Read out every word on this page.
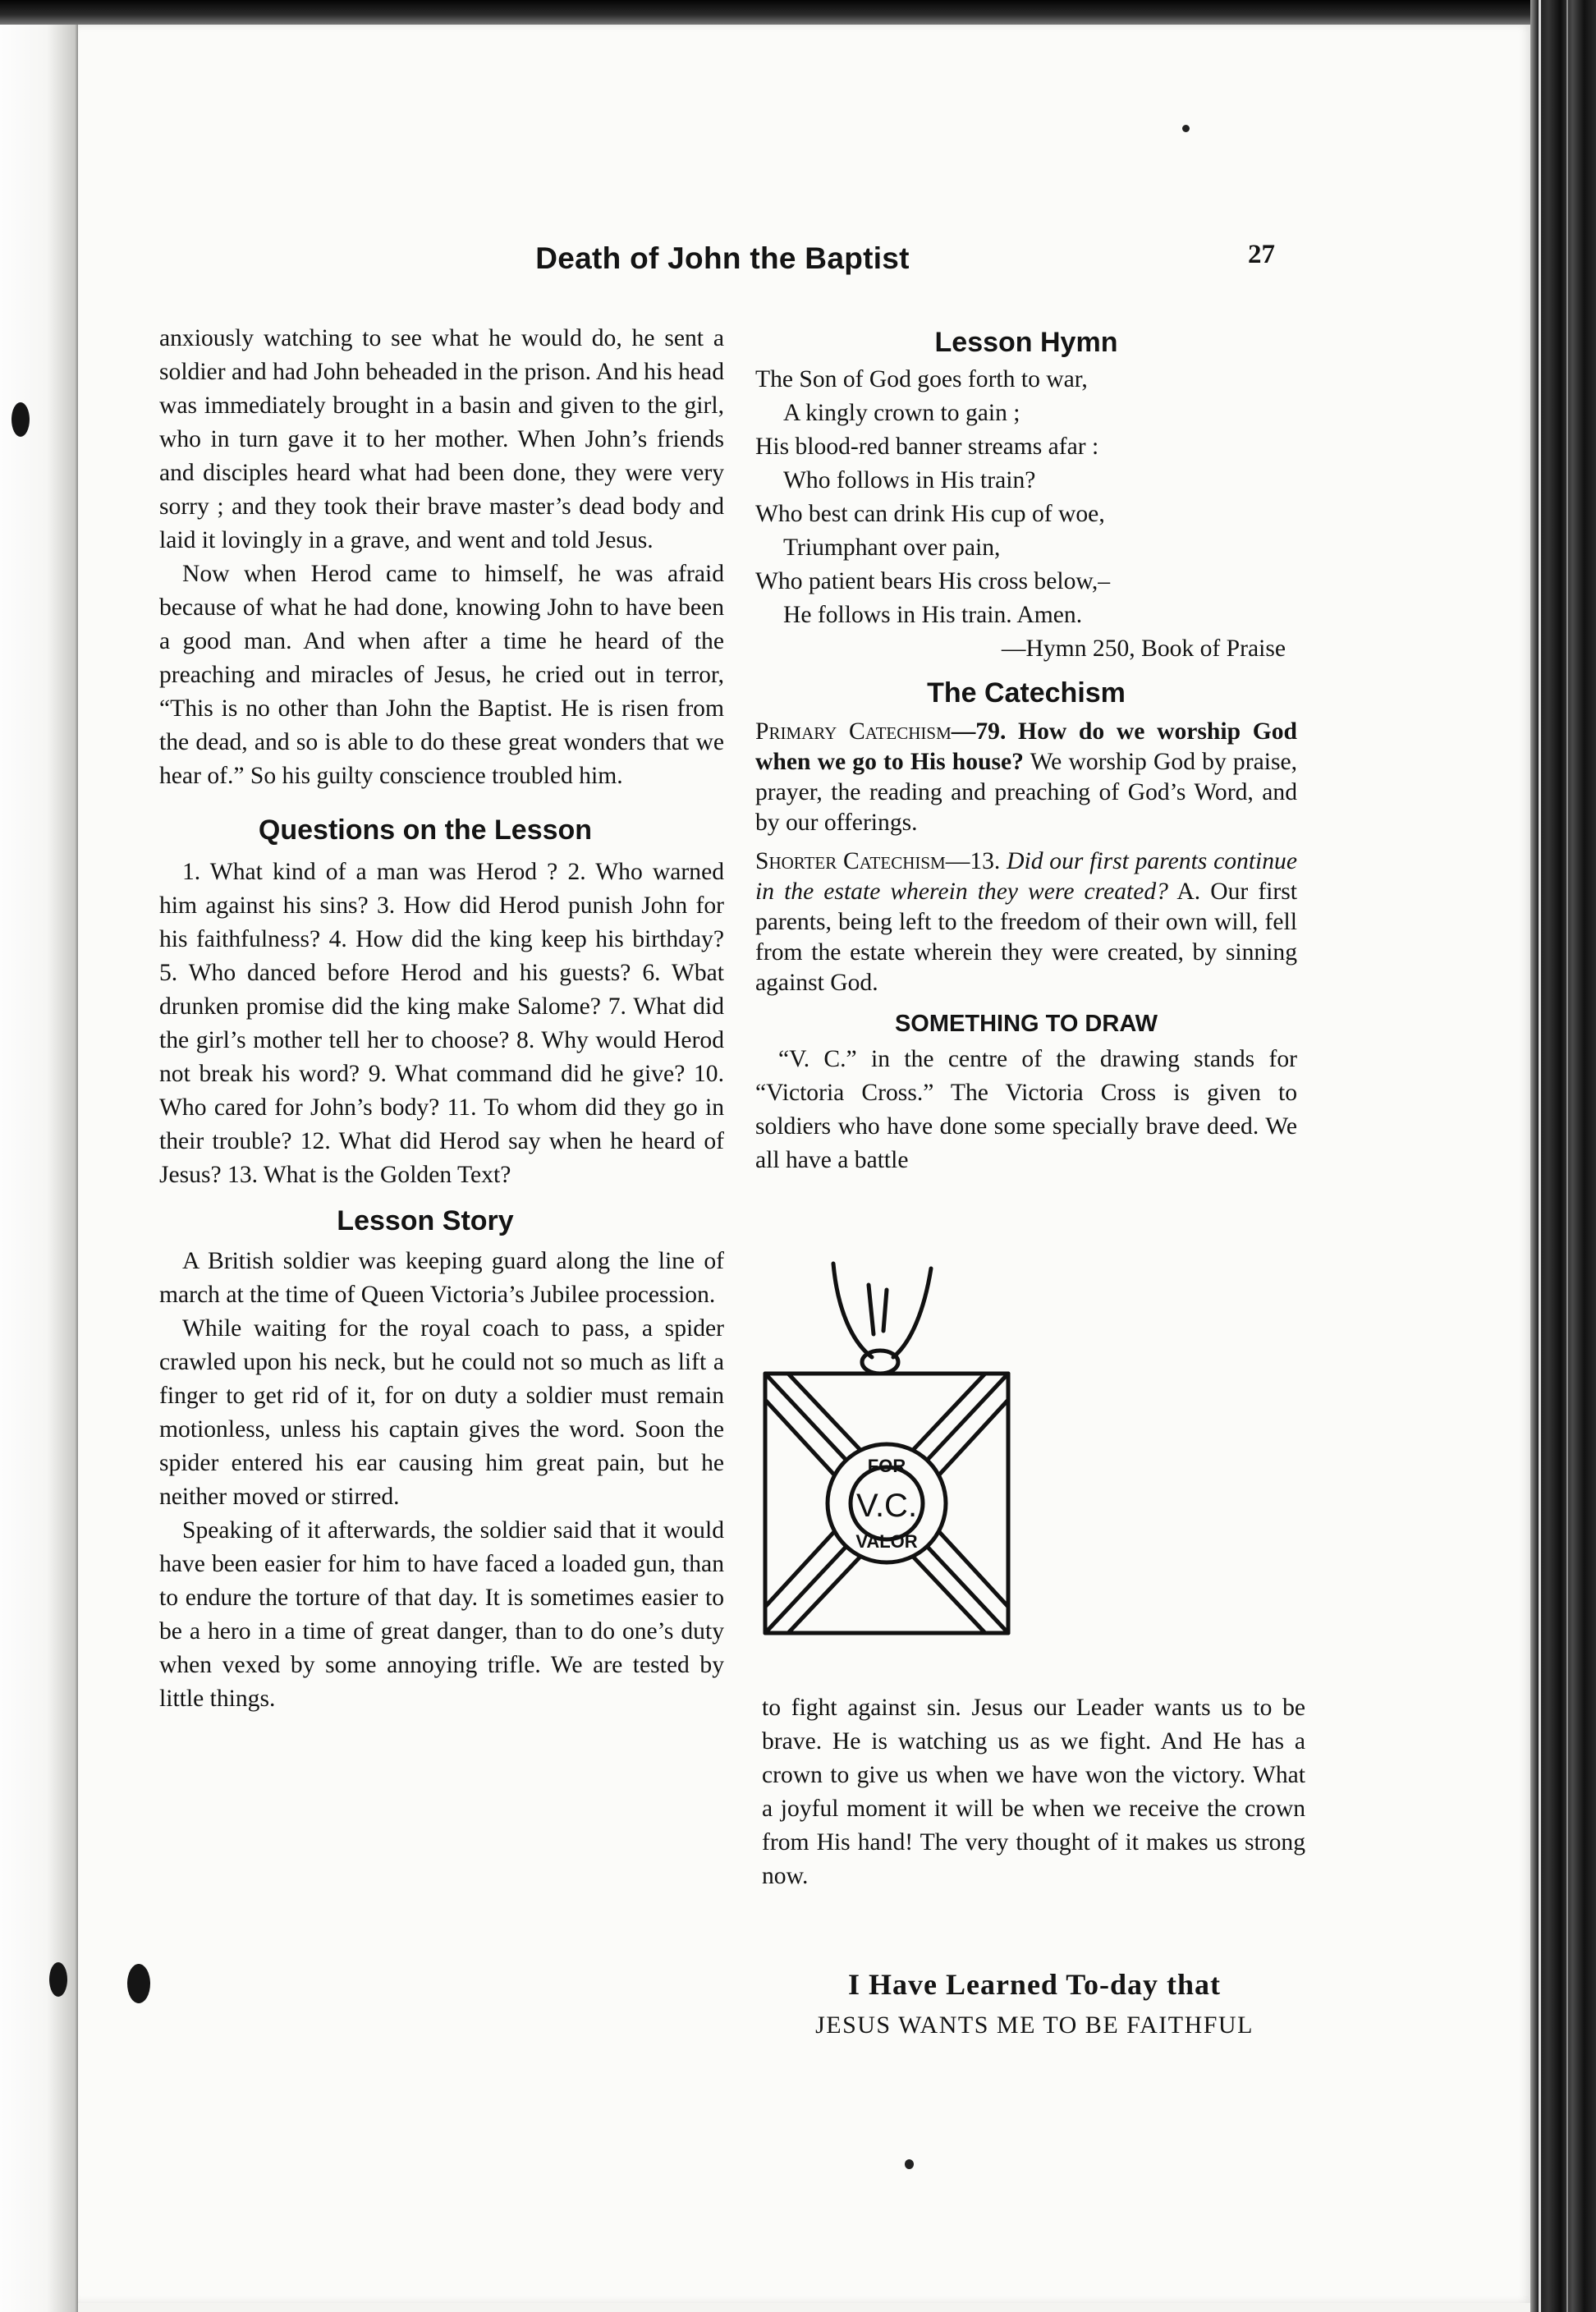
Death of John the Baptist	27

anxiously watching to see what he would do, he sent a soldier and had John beheaded in the prison. And his head was immediately brought in a basin and given to the girl, who in turn gave it to her mother. When John’s friends and disciples heard what had been done, they were very sorry ; and they took their brave master’s dead body and laid it lovingly in a grave, and went and told Jesus.

Now when Herod came to himself, he was afraid because of what he had done, knowing John to have been a good man. And when after a time he heard of the preaching and miracles of Jesus, he cried out in terror, “This is no other than John the Baptist. He is risen from the dead, and so is able to do these great wonders that we hear of.” So his guilty conscience troubled him.

Questions on the Lesson

1. What kind of a man was Herod ? 2. Who warned him against his sins? 3. How did Herod punish John for his faithfulness? 4. How did the king keep his birthday? 5. Who danced before Herod and his guests? 6. Wbat drunken promise did the king make Salome? 7. What did the girl’s mother tell her to choose? 8. Why would Herod not break his word? 9. What command did he give? 10. Who cared for John’s body? 11. To whom did they go in their trouble? 12. What did Herod say when he heard of Jesus? 13. What is the Golden Text?

Lesson Story

A British soldier was keeping guard along the line of march at the time of Queen Victoria’s Jubilee procession.

While waiting for the royal coach to pass, a spider crawled upon his neck, but he could not so much as lift a finger to get rid of it, for on duty a soldier must remain motionless, unless his captain gives the word. Soon the spider entered his ear causing him great pain, but he neither moved or stirred.

Speaking of it afterwards, the soldier said that it would have been easier for him to have faced a loaded gun, than to endure the torture of that day. It is sometimes easier to be a hero in a time of great danger, than to do one’s duty when vexed by some annoying trifle. We are tested by little things.

Lesson Hymn
The Son of God goes forth to war,
A kingly crown to gain ;
His blood-red banner streams afar :
Who follows in His train?
Who best can drink His cup of woe,
Triumphant over pain,
Who patient bears His cross below,–
He follows in His train. Amen.
—Hymn 250, Book of Praise
The Catechism

Primary Catechism—79. How do we worship God when we go to His house? We worship God by praise, prayer, the reading and preaching of God’s Word, and by our offerings.

Shorter Catechism—13. Did our first parents continue in the estate wherein they were created? A. Our first parents, being left to the freedom of their own will, fell from the estate wherein they were created, by sinning against God.

SOMETHING TO DRAW

“V. C.” in the centre of the drawing stands for “Victoria Cross.” The Victoria Cross is given to soldiers who have done some specially brave deed. We all have a battle

FOR
V.C.
VALOR

to fight against sin. Jesus our Leader wants us to be brave. He is watching us as we fight. And He has a crown to give us when we have won the victory. What a joyful moment it will be when we receive the crown from His hand! The very thought of it makes us strong now.

I Have Learned To-day that
JESUS WANTS ME TO BE FAITHFUL
